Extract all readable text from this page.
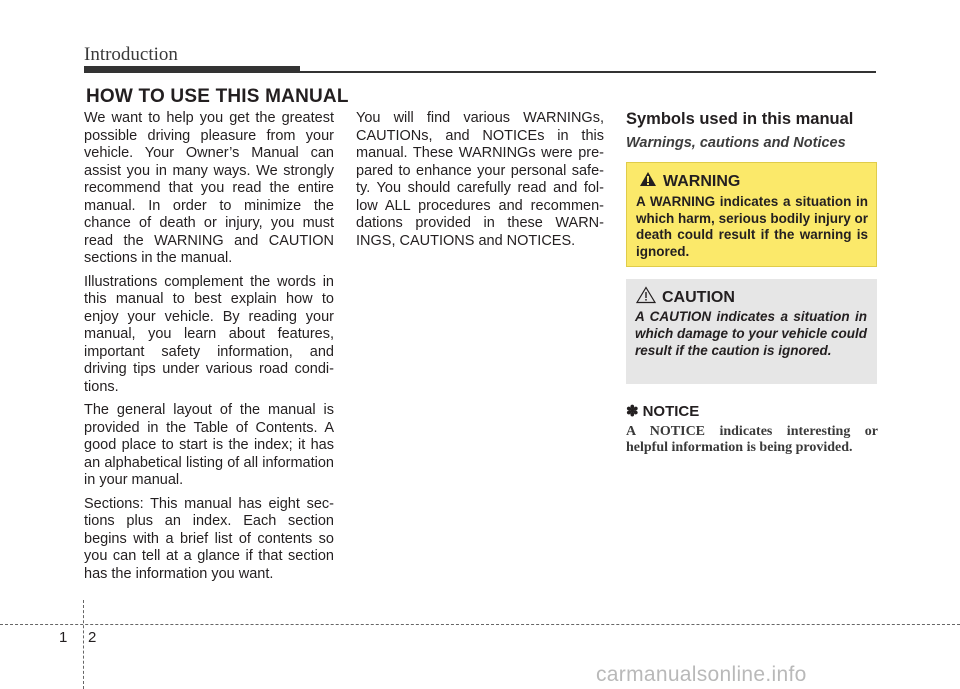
Introduction
HOW TO USE THIS MANUAL

We want to help you get the greatest possible driving pleasure from your vehicle. Your Owner’s Manual can assist you in many ways. We strongly recommend that you read the entire manual. In order to minimize the chance of death or injury, you must read the WARNING and CAUTION sections in the manual.

Illustrations complement the words in this manual to best explain how to enjoy your vehicle. By reading your manual, you learn about features, important safety information, and driving tips under various road conditions.

The general layout of the manual is provided in the Table of Contents. A good place to start is the index; it has an alphabetical listing of all information in your manual.

Sections: This manual has eight sections plus an index. Each section begins with a brief list of contents so you can tell at a glance if that section has the information you want.

You will find various WARNINGs, CAUTIONs, and NOTICEs in this manual. These WARNINGs were prepared to enhance your personal safety. You should carefully read and follow ALL procedures and recommendations provided in these WARNINGS, CAUTIONS and NOTICES.

Symbols used in this manual
Warnings, cautions and Notices
WARNING
A WARNING indicates a situation in which harm, serious bodily injury or death could result if the warning is ignored.
CAUTION
A CAUTION indicates a situation in which damage to your vehicle could result if the caution is ignored.
✽ NOTICE
A NOTICE indicates interesting or helpful information is being provided.
1 2
carmanualsonline.info
